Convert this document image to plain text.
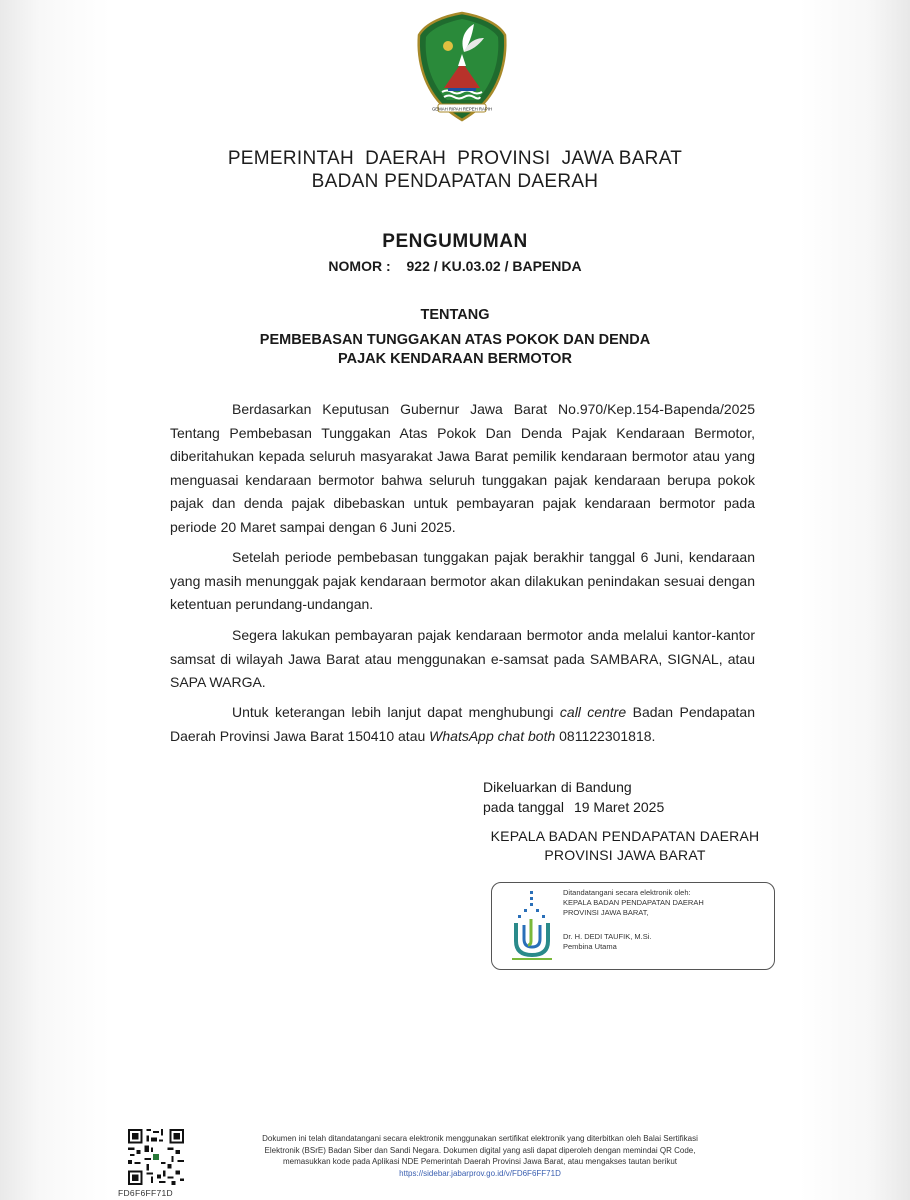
GEMAH RIPAH REPEH RAPIH
PEMERINTAH  DAERAH  PROVINSI  JAWA BARAT
BADAN PENDAPATAN DAERAH
PENGUMUMAN
NOMOR : 922 / KU.03.02 / BAPENDA
TENTANG
PEMBEBASAN TUNGGAKAN ATAS POKOK DAN DENDA
PAJAK KENDARAAN BERMOTOR

Berdasarkan Keputusan Gubernur Jawa Barat No.970/Kep.154-Bapenda/2025 Tentang Pembebasan Tunggakan Atas Pokok Dan Denda Pajak Kendaraan Bermotor, diberitahukan kepada seluruh masyarakat Jawa Barat pemilik kendaraan bermotor atau yang menguasai kendaraan bermotor bahwa seluruh tunggakan pajak kendaraan berupa pokok pajak dan denda pajak dibebaskan untuk pembayaran pajak kendaraan bermotor pada periode 20 Maret sampai dengan 6 Juni 2025.

Setelah periode pembebasan tunggakan pajak berakhir tanggal 6 Juni, kendaraan yang masih menunggak pajak kendaraan bermotor akan dilakukan penindakan sesuai dengan ketentuan perundang-undangan.

Segera lakukan pembayaran pajak kendaraan bermotor anda melalui kantor-kantor samsat di wilayah Jawa Barat atau menggunakan e-samsat pada SAMBARA, SIGNAL, atau SAPA WARGA.

Untuk keterangan lebih lanjut dapat menghubungi call centre Badan Pendapatan Daerah Provinsi Jawa Barat 150410 atau WhatsApp chat both 081122301818.

Dikeluarkan di Bandung
pada tanggal 19 Maret 2025
KEPALA BADAN PENDAPATAN DAERAH
PROVINSI JAWA BARAT
Ditandatangani secara elektronik oleh:
KEPALA BADAN PENDAPATAN DAERAH
PROVINSI JAWA BARAT,
Dr. H. DEDI TAUFIK, M.Si.
Pembina Utama
FD6F6FF71D
Dokumen ini telah ditandatangani secara elektronik menggunakan sertifikat elektronik yang diterbitkan oleh Balai Sertifikasi
Elektronik (BSrE) Badan Siber dan Sandi Negara. Dokumen digital yang asli dapat diperoleh dengan memindai QR Code,
memasukkan kode pada Aplikasi NDE Pemerintah Daerah Provinsi Jawa Barat, atau mengakses tautan berikut
https://sidebar.jabarprov.go.id/v/FD6F6FF71D
